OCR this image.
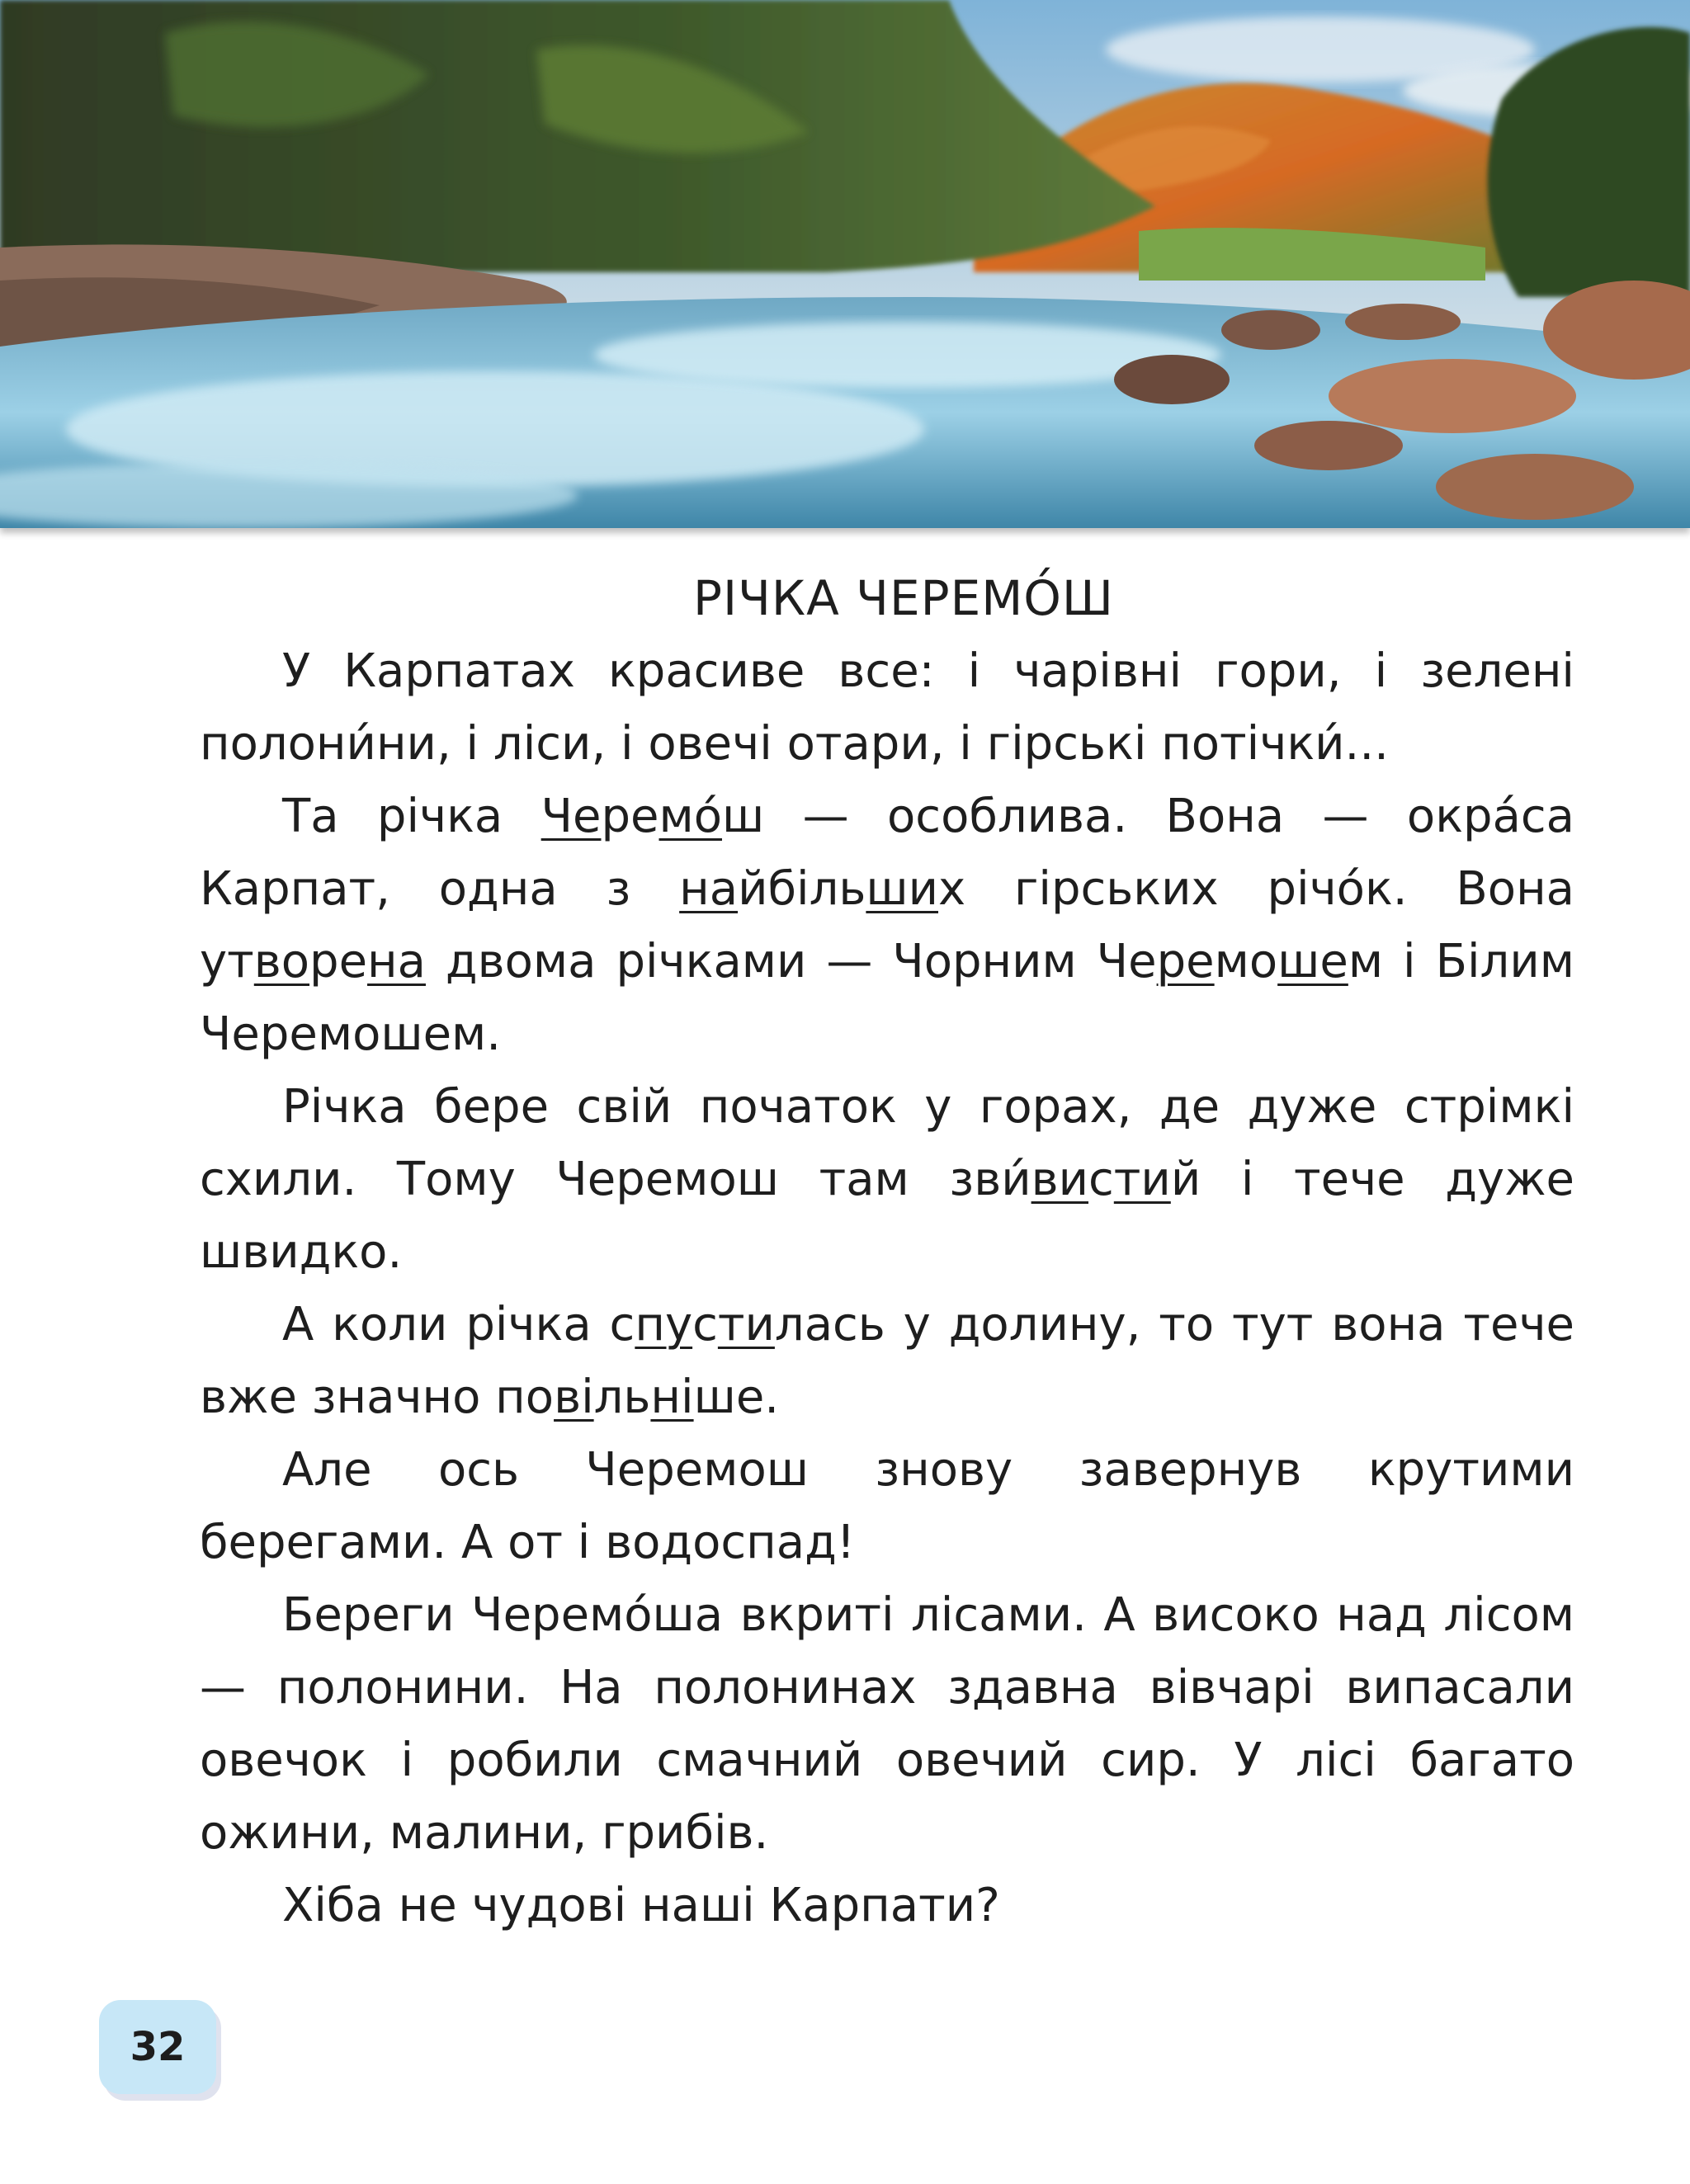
РІЧКА ЧЕРЕМО́Ш

У Карпатах красиве все: і чарівні гори, і зелені полони́ни, і ліси, і овечі отари, і гірські потічки́...

Та річка Черемо́ш — особлива. Вона — окра́са Карпат, одна з найбільших гірських річо́к. Вона утворена двома річками — Чорним Черемошем і Білим Черемошем.

Річка бере свій початок у горах, де дуже стрімкі схили. Тому Черемош там зви́вистий і тече дуже швидко.

А коли річка спустилась у долину, то тут вона тече вже значно повільніше.

Але ось Черемош знову завернув крутими берегами. А от і водоспад!

Береги Черемо́ша вкриті лісами. А високо над лісом — полонини. На полонинах здавна вівчарі випасали овечок і робили смачний овечий сир. У лісі багато ожини, малини, грибів.

Хіба не чудові наші Карпати?

32
